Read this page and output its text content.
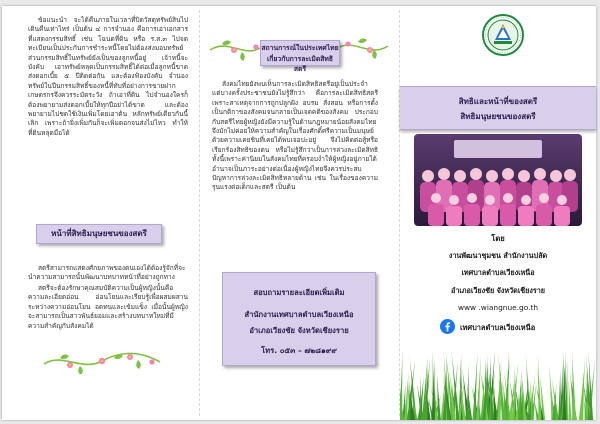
ข้อแนะนำ จะได้คืนภายในเวลาที่ปิดวัสดุทรัพย์สินไปเดินคืนเท่าไหร่ เป็นต้น ๔ การจำนอง คือการเอาเอกสารที่แสดงกรรมสิทธิ์ เช่น โฉนดที่ดิน หรือ ร.ส.๓ ไปจดทะเบียนเป็นประกันการชำระหนี้โดยไม่ต้องส่งมอบทรัพย์ ส่วนกรรมสิทธิ์ในทรัพย์ยังเป็นของลูกหนี้อยู่ เจ้าหนี้จะบังคับ เอาทรัพย์หลุดเป็นกรรมสิทธิ์ได้ต่อเมื่อลูกหนี้ขาดส่งดอกเบี้ย ๕ ปีติดต่อกัน และต้องฟ้องบังคับ จำนอง ทรัพย์ในปีนกรรมสิทธิ์ของหนี้ที่ทับที่อย่างการขายฝาก เกษตรกรจึงควรระมัดระวัง ถ้าเอาที่ดิน ไปจำนองใครก็ต้องพยายามส่งดอกเบี้ยให้ทุกปีอย่าได้ขาด และต้องพยายามไปชดใช้เงินเพิ่มโดยเอาต้น หลักทรัพย์เดียวกันนี้เลิก เพราะถ้ายิ่งเพิ่มกันก็จะเพิ่มดอกจนส่งไม่ไหว ทำให้ที่ดินหลุดมือได้

หน้าที่สิทธิมนุษยชนของสตรี

สตรีสามารถแสดงศักยภาพของตนเองได้ต้องรู้จักที่จะนำความสามารถนั้นพัฒนาบทบาทหน้าที่อย่างถูกทาง

สตรีจะต้องรักษาคุณสมบัติความเป็นผู้หญิงนั้นคือ ความละเอียดอ่อน อ่อนโยนและเรียบรู้เพื่อผสมผสานระหว่างความอ่อนโยน อดทนและเข้มแข็ง เมื่อนั้นผู้หญิงจะสามารถเป็นสาวพันธ์ยอมและสร้างบทบาทใหม่ที่มีความสำคัญกับสังคมได้

สถานการณ์ในประเทศไทย
เกี่ยวกับการละเมิดสิทธิสตรี

สังคมไทยยังพบเห็นการละเมิดสิทธิสตรีอยู่เป็นประจำ แต่บางครั้งประชาชนยังไม่รู้สึกว่า คือการละเมิดสิทธิสตรี เพราะสาเหตุจากการถูกปลูกฝัง อบรม สั่งสอน หรือการตั้งเป็นกติกาของสังคมจนกลายเป็นเจตคติของสังคม ประกอบกับสตรีไทยผู้หญิงยังมีความรู้ในด้านกฎหมายน้อยสังคมไทยจึงมักไม่ค่อยให้ความสำคัญในเรื่องศักดิ์ศรีความเป็นมนุษย์ด้วยความเคยชินที่เคยได้พบเจอปะอยู่ จึงไม่คิดต่อสู้หรือเรียกร้องสิทธิของตน หรือไม่รู้สึกว่าเป็นการล่วงละเมิดสิทธิ ทั้งนี้เพราะค่านิยมในสังคมไทยที่ครอบงำให้ผู้หญิงอยู่ภายใต้อำนาจเป็นภาระอย่างต่อเนื่องผู้หญิงไทยจึงควรประสบปัญหาการล่วงละเมิดสิทธิหลายด้าน เช่น ในเรื่องของความรุนแรงต่อเด็กและสตรี เป็นต้น

สอบถามรายละเอียดเพิ่มเติม
สำนักงานเทศบาลตำบลเวียงเหนือ
อำเภอเวียงชัย จังหวัดเชียงราย
โทร. ๐๕๓ – ๗๒๘๑๙๙
สิทธิและหน้าที่ของสตรี
สิทธิมนุษยชนของสตรี
โดย
งานพัฒนาชุมชน สำนักงานปลัด
เทศบาลตำบลเวียงเหนือ
อำเภอเวียงชัย จังหวัดเชียงราย
www .wiangnue.go.th
เทศบาลตำบลเวียงเหนือ
